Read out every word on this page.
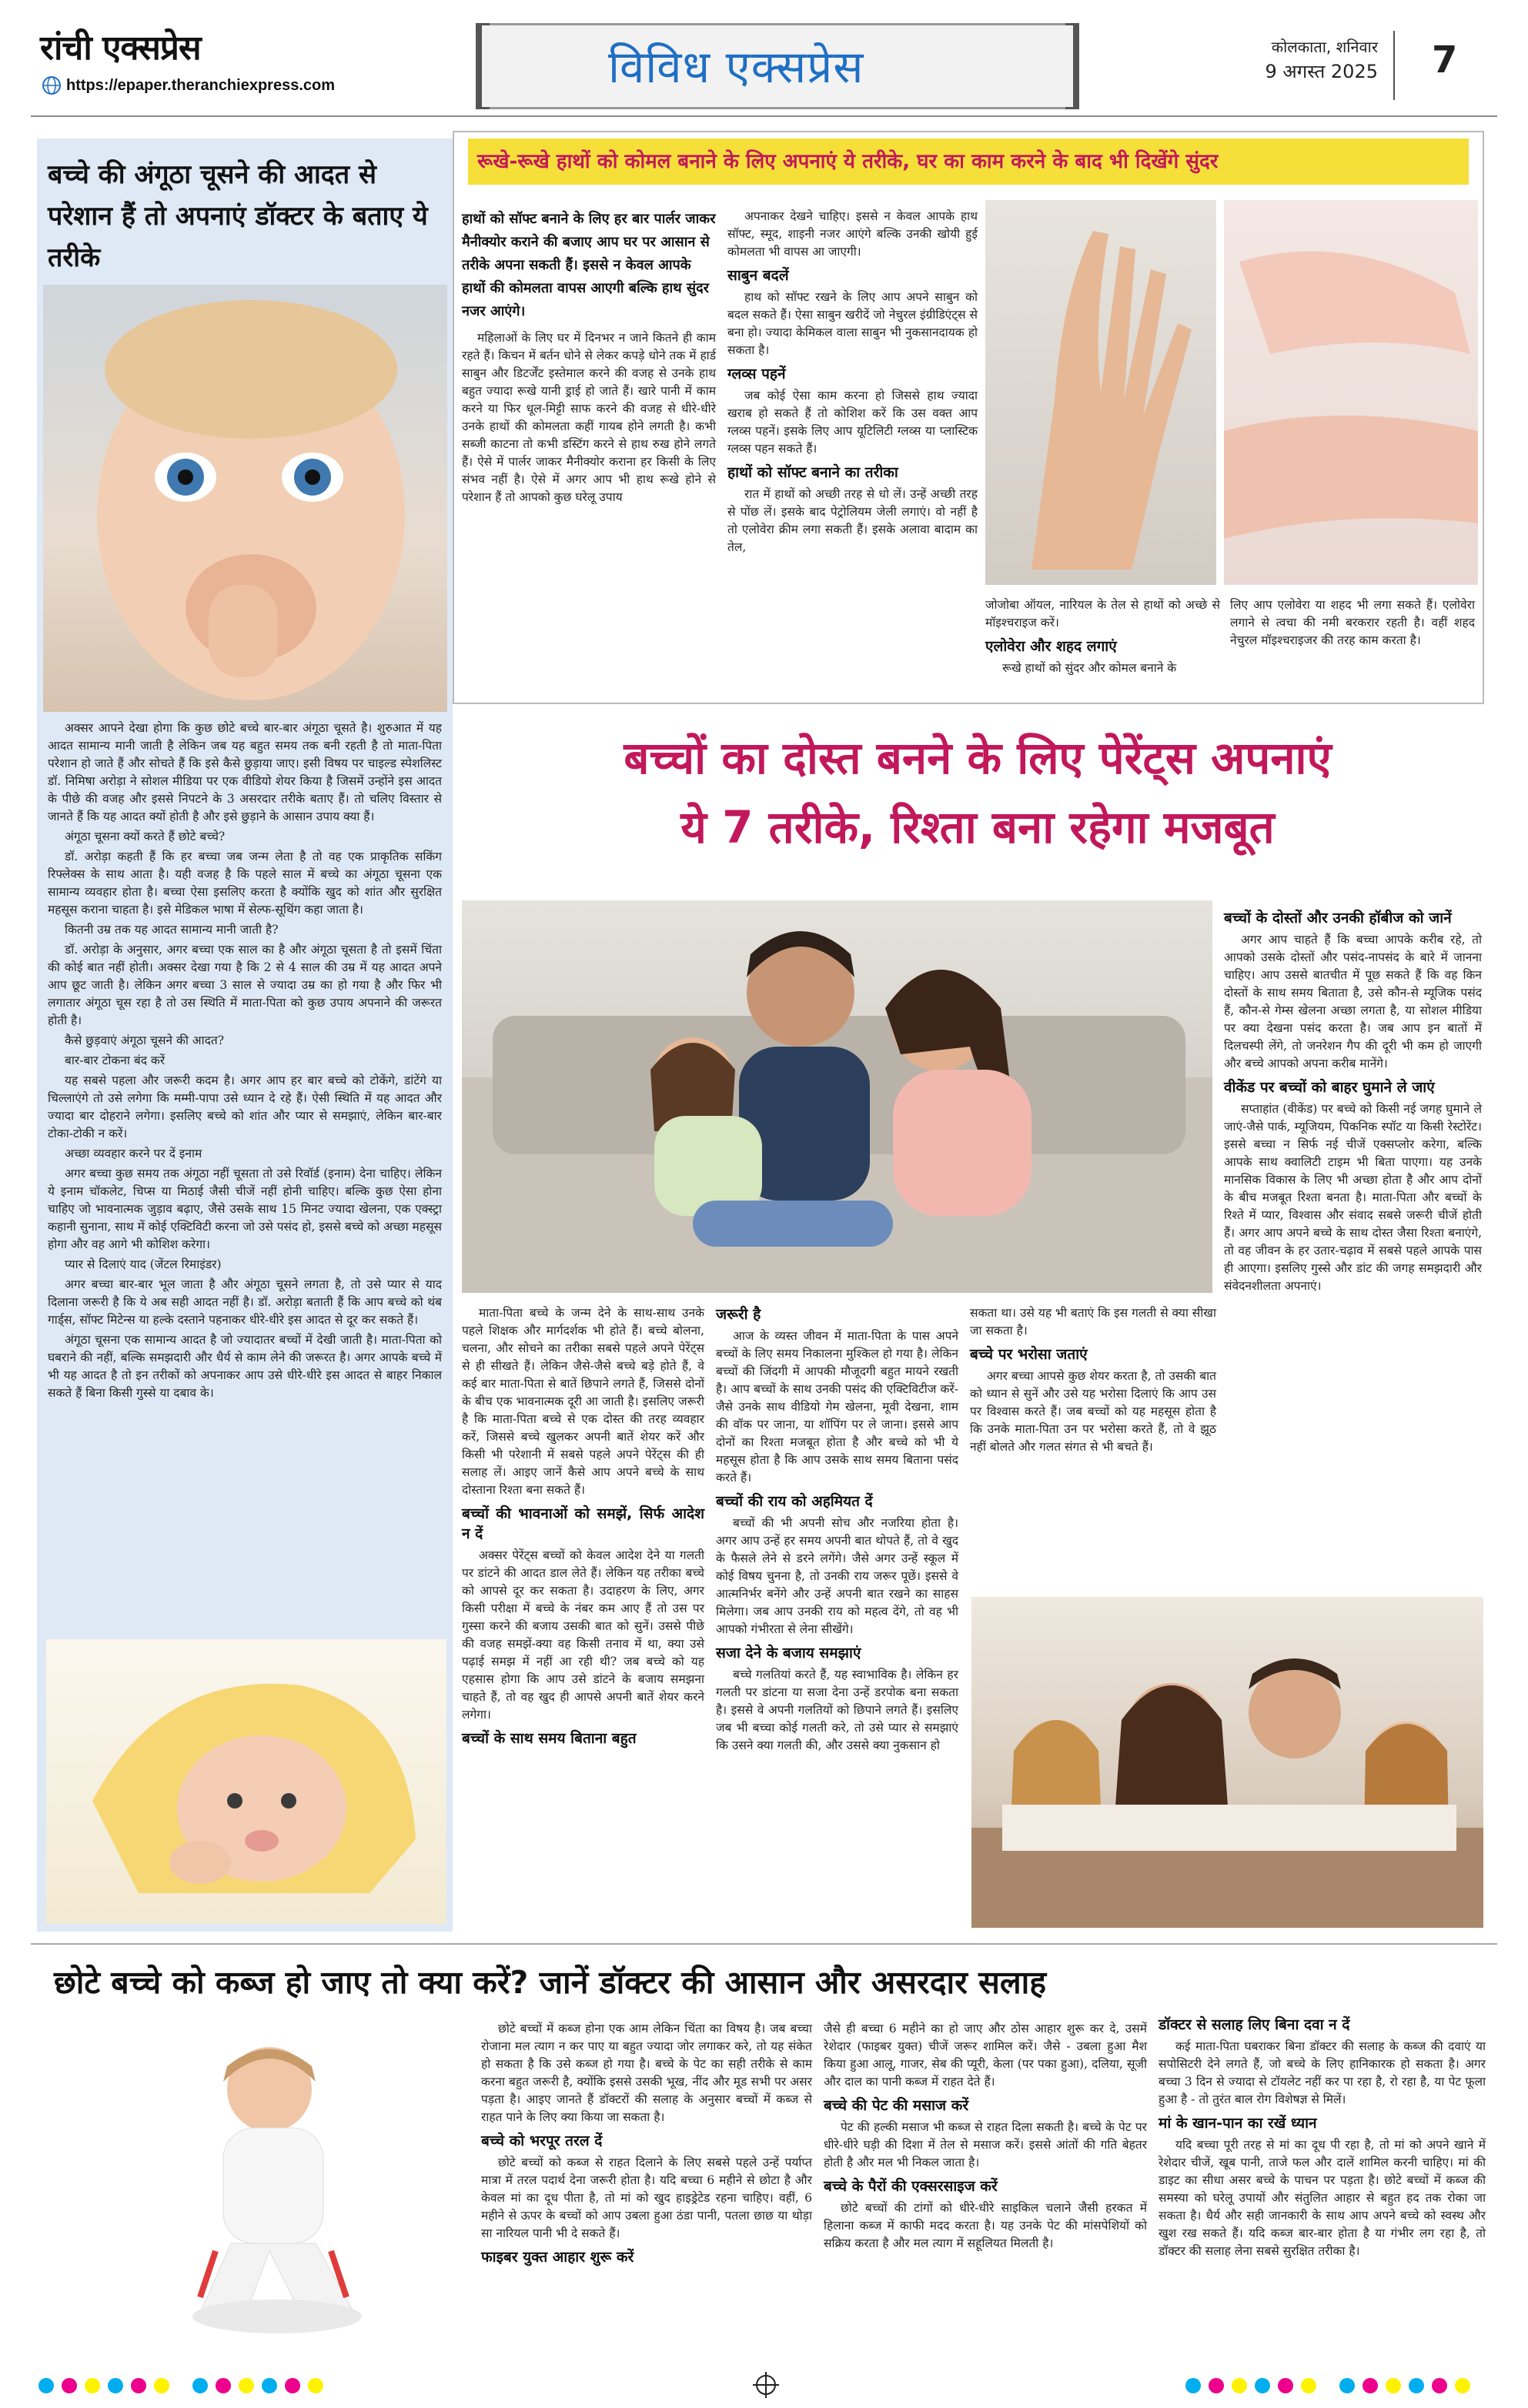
रांची एक्सप्रेस
https://epaper.theranchiexpress.com	विविध एक्सप्रेस	कोलकाता, शनिवार
9 अगस्त 2025 7
बच्चे की अंगूठा चूसने की आदत से परेशान हैं तो अपनाएं डॉक्टर के बताए ये तरीके

अक्सर आपने देखा होगा कि कुछ छोटे बच्चे बार-बार अंगूठा चूसते है। शुरुआत में यह आदत सामान्य मानी जाती है लेकिन जब यह बहुत समय तक बनी रहती है तो माता-पिता परेशान हो जाते हैं और सोचते हैं कि इसे कैसे छुड़ाया जाए। इसी विषय पर चाइल्ड स्पेशलिस्ट डॉ. निमिषा अरोड़ा ने सोशल मीडिया पर एक वीडियो शेयर किया है जिसमें उन्होंने इस आदत के पीछे की वजह और इससे निपटने के 3 असरदार तरीके बताए हैं। तो चलिए विस्तार से जानते हैं कि यह आदत क्यों होती है और इसे छुड़ाने के आसान उपाय क्या हैं।

अंगूठा चूसना क्यों करते हैं छोटे बच्चे?

डॉ. अरोड़ा कहती हैं कि हर बच्चा जब जन्म लेता है तो वह एक प्राकृतिक सकिंग रिफ्लेक्स के साथ आता है। यही वजह है कि पहले साल में बच्चे का अंगूठा चूसना एक सामान्य व्यवहार होता है। बच्चा ऐसा इसलिए करता है क्योंकि खुद को शांत और सुरक्षित महसूस कराना चाहता है। इसे मेडिकल भाषा में सेल्फ-सूथिंग कहा जाता है।

कितनी उम्र तक यह आदत सामान्य मानी जाती है?

डॉ. अरोड़ा के अनुसार, अगर बच्चा एक साल का है और अंगूठा चूसता है तो इसमें चिंता की कोई बात नहीं होती। अक्सर देखा गया है कि 2 से 4 साल की उम्र में यह आदत अपने आप छूट जाती है। लेकिन अगर बच्चा 3 साल से ज्यादा उम्र का हो गया है और फिर भी लगातार अंगूठा चूस रहा है तो उस स्थिति में माता-पिता को कुछ उपाय अपनाने की जरूरत होती है।

कैसे छुड़वाएं अंगूठा चूसने की आदत?

बार-बार टोकना बंद करें

यह सबसे पहला और जरूरी कदम है। अगर आप हर बार बच्चे को टोकेंगे, डांटेंगे या चिल्लाएंगे तो उसे लगेगा कि मम्मी-पापा उसे ध्यान दे रहे हैं। ऐसी स्थिति में यह आदत और ज्यादा बार दोहराने लगेगा। इसलिए बच्चे को शांत और प्यार से समझाएं, लेकिन बार-बार टोका-टोकी न करें।

अच्छा व्यवहार करने पर दें इनाम

अगर बच्चा कुछ समय तक अंगूठा नहीं चूसता तो उसे रिवॉर्ड (इनाम) देना चाहिए। लेकिन ये इनाम चॉकलेट, चिप्स या मिठाई जैसी चीजें नहीं होनी चाहिए। बल्कि कुछ ऐसा होना चाहिए जो भावनात्मक जुड़ाव बढ़ाए, जैसे उसके साथ 15 मिनट ज्यादा खेलना, एक एक्स्ट्रा कहानी सुनाना, साथ में कोई एक्टिविटी करना जो उसे पसंद हो, इससे बच्चे को अच्छा महसूस होगा और वह आगे भी कोशिश करेगा।

प्यार से दिलाएं याद (जेंटल रिमाइंडर)

अगर बच्चा बार-बार भूल जाता है और अंगूठा चूसने लगता है, तो उसे प्यार से याद दिलाना जरूरी है कि ये अब सही आदत नहीं है। डॉ. अरोड़ा बताती हैं कि आप बच्चे को थंब गार्ड्स, सॉफ्ट मिटेन्स या हल्के दस्ताने पहनाकर धीरे-धीरे इस आदत से दूर कर सकते हैं।

अंगूठा चूसना एक सामान्य आदत है जो ज्यादातर बच्चों में देखी जाती है। माता-पिता को घबराने की नहीं, बल्कि समझदारी और धैर्य से काम लेने की जरूरत है। अगर आपके बच्चे में भी यह आदत है तो इन तरीकों को अपनाकर आप उसे धीरे-धीरे इस आदत से बाहर निकाल सकते हैं बिना किसी गुस्से या दबाव के।

रूखे-रूखे हाथों को कोमल बनाने के लिए अपनाएं ये तरीके, घर का काम करने के बाद भी दिखेंगे सुंदर
हाथों को सॉफ्ट बनाने के लिए हर बार पार्लर जाकर मैनीक्योर कराने की बजाए आप घर पर आसान से तरीके अपना सकती हैं। इससे न केवल आपके हाथों की कोमलता वापस आएगी बल्कि हाथ सुंदर नजर आएंगे।
महिलाओं के लिए घर में दिनभर न जाने कितने ही काम रहते हैं। किचन में बर्तन धोने से लेकर कपड़े धोने तक में हार्ड साबुन और डिटर्जेंट इस्तेमाल करने की वजह से उनके हाथ बहुत ज्यादा रूखे यानी ड्राई हो जाते हैं। खारे पानी में काम करने या फिर धूल-मिट्टी साफ करने की वजह से धीरे-धीरे उनके हाथों की कोमलता कहीं गायब होने लगती है। कभी सब्जी काटना तो कभी डस्टिंग करने से हाथ रुख होने लगते हैं। ऐसे में पार्लर जाकर मैनीक्योर कराना हर किसी के लिए संभव नहीं है। ऐसे में अगर आप भी हाथ रूखे होने से परेशान हैं तो आपको कुछ घरेलू उपाय

अपनाकर देखने चाहिए। इससे न केवल आपके हाथ सॉफ्ट, स्मूद, शाइनी नजर आएंगे बल्कि उनकी खोयी हुई कोमलता भी वापस आ जाएगी।

साबुन बदलें

हाथ को सॉफ्ट रखने के लिए आप अपने साबुन को बदल सकते हैं। ऐसा साबुन खरीदें जो नेचुरल इंग्रीडिएंट्स से बना हो। ज्यादा केमिकल वाला साबुन भी नुकसानदायक हो सकता है।

ग्लव्स पहनें

जब कोई ऐसा काम करना हो जिससे हाथ ज्यादा खराब हो सकते हैं तो कोशिश करें कि उस वक्त आप ग्लव्स पहनें। इसके लिए आप यूटिलिटी ग्लव्स या प्लास्टिक ग्लव्स पहन सकते हैं।

हाथों को सॉफ्ट बनाने का तरीका

रात में हाथों को अच्छी तरह से धो लें। उन्हें अच्छी तरह से पोंछ लें। इसके बाद पेट्रोलियम जेली लगाएं। वो नहीं है तो एलोवेरा क्रीम लगा सकती हैं। इसके अलावा बादाम का तेल,

जोजोबा ऑयल, नारियल के तेल से हाथों को अच्छे से मॉइश्चराइज करें।

एलोवेरा और शहद लगाएं

रूखे हाथों को सुंदर और कोमल बनाने के

लिए आप एलोवेरा या शहद भी लगा सकते हैं। एलोवेरा लगाने से त्वचा की नमी बरकरार रहती है। वहीं शहद नेचुरल मॉइश्चराइजर की तरह काम करता है।
बच्चों का दोस्त बनने के लिए पेरेंट्स अपनाएं
ये 7 तरीके, रिश्ता बना रहेगा मजबूत
बच्चों के दोस्तों और उनकी हॉबीज को जानें

अगर आप चाहते हैं कि बच्चा आपके करीब रहे, तो आपको उसके दोस्तों और पसंद-नापसंद के बारे में जानना चाहिए। आप उससे बातचीत में पूछ सकते हैं कि वह किन दोस्तों के साथ समय बिताता है, उसे कौन-से म्यूजिक पसंद हैं, कौन-से गेम्स खेलना अच्छा लगता है, या सोशल मीडिया पर क्या देखना पसंद करता है। जब आप इन बातों में दिलचस्पी लेंगे, तो जनरेशन गैप की दूरी भी कम हो जाएगी और बच्चे आपको अपना करीब मानेंगे।

वीकेंड पर बच्चों को बाहर घुमाने ले जाएं

सप्ताहांत (वीकेंड) पर बच्चे को किसी नई जगह घुमाने ले जाएं-जैसे पार्क, म्यूजियम, पिकनिक स्पॉट या किसी रेस्टोरेंट। इससे बच्चा न सिर्फ नई चीजें एक्सप्लोर करेगा, बल्कि आपके साथ क्वालिटी टाइम भी बिता पाएगा। यह उनके मानसिक विकास के लिए भी अच्छा होता है और आप दोनों के बीच मजबूत रिश्ता बनता है। माता-पिता और बच्चों के रिश्ते में प्यार, विश्वास और संवाद सबसे जरूरी चीजें होती हैं। अगर आप अपने बच्चे के साथ दोस्त जैसा रिश्ता बनाएंगे, तो वह जीवन के हर उतार-चढ़ाव में सबसे पहले आपके पास ही आएगा। इसलिए गुस्से और डांट की जगह समझदारी और संवेदनशीलता अपनाएं।

माता-पिता बच्चे के जन्म देने के साथ-साथ उनके पहले शिक्षक और मार्गदर्शक भी होते हैं। बच्चे बोलना, चलना, और सोचने का तरीका सबसे पहले अपने पेरेंट्स से ही सीखते हैं। लेकिन जैसे-जैसे बच्चे बड़े होते हैं, वे कई बार माता-पिता से बातें छिपाने लगते हैं, जिससे दोनों के बीच एक भावनात्मक दूरी आ जाती है। इसलिए जरूरी है कि माता-पिता बच्चे से एक दोस्त की तरह व्यवहार करें, जिससे बच्चे खुलकर अपनी बातें शेयर करें और किसी भी परेशानी में सबसे पहले अपने पेरेंट्स की ही सलाह लें। आइए जानें कैसे आप अपने बच्चे के साथ दोस्ताना रिश्ता बना सकते हैं।

बच्चों की भावनाओं को समझें, सिर्फ आदेश न दें

अक्सर पेरेंट्स बच्चों को केवल आदेश देने या गलती पर डांटने की आदत डाल लेते हैं। लेकिन यह तरीका बच्चे को आपसे दूर कर सकता है। उदाहरण के लिए, अगर किसी परीक्षा में बच्चे के नंबर कम आए हैं तो उस पर गुस्सा करने की बजाय उसकी बात को सुनें। उससे पीछे की वजह समझें-क्या वह किसी तनाव में था, क्या उसे पढ़ाई समझ में नहीं आ रही थी? जब बच्चे को यह एहसास होगा कि आप उसे डांटने के बजाय समझना चाहते हैं, तो वह खुद ही आपसे अपनी बातें शेयर करने लगेगा।

बच्चों के साथ समय बिताना बहुत
जरूरी है

आज के व्यस्त जीवन में माता-पिता के पास अपने बच्चों के लिए समय निकालना मुश्किल हो गया है। लेकिन बच्चों की जिंदगी में आपकी मौजूदगी बहुत मायने रखती है। आप बच्चों के साथ उनकी पसंद की एक्टिविटीज करें-जैसे उनके साथ वीडियो गेम खेलना, मूवी देखना, शाम की वॉक पर जाना, या शॉपिंग पर ले जाना। इससे आप दोनों का रिश्ता मजबूत होता है और बच्चे को भी ये महसूस होता है कि आप उसके साथ समय बिताना पसंद करते हैं।

बच्चों की राय को अहमियत दें

बच्चों की भी अपनी सोच और नजरिया होता है। अगर आप उन्हें हर समय अपनी बात थोपते हैं, तो वे खुद के फैसले लेने से डरने लगेंगे। जैसे अगर उन्हें स्कूल में कोई विषय चुनना है, तो उनकी राय जरूर पूछें। इससे वे आत्मनिर्भर बनेंगे और उन्हें अपनी बात रखने का साहस मिलेगा। जब आप उनकी राय को महत्व देंगे, तो वह भी आपको गंभीरता से लेना सीखेंगे।

सजा देने के बजाय समझाएं

बच्चे गलतियां करते हैं, यह स्वाभाविक है। लेकिन हर गलती पर डांटना या सजा देना उन्हें डरपोक बना सकता है। इससे वे अपनी गलतियों को छिपाने लगते हैं। इसलिए जब भी बच्चा कोई गलती करे, तो उसे प्यार से समझाएं कि उसने क्या गलती की, और उससे क्या नुकसान हो

सकता था। उसे यह भी बताएं कि इस गलती से क्या सीखा जा सकता है।

बच्चे पर भरोसा जताएं

अगर बच्चा आपसे कुछ शेयर करता है, तो उसकी बात को ध्यान से सुनें और उसे यह भरोसा दिलाएं कि आप उस पर विश्वास करते हैं। जब बच्चों को यह महसूस होता है कि उनके माता-पिता उन पर भरोसा करते हैं, तो वे झूठ नहीं बोलते और गलत संगत से भी बचते हैं।

छोटे बच्चे को कब्ज हो जाए तो क्या करें? जानें डॉक्टर की आसान और असरदार सलाह

छोटे बच्चों में कब्ज होना एक आम लेकिन चिंता का विषय है। जब बच्चा रोजाना मल त्याग न कर पाए या बहुत ज्यादा जोर लगाकर करे, तो यह संकेत हो सकता है कि उसे कब्ज हो गया है। बच्चे के पेट का सही तरीके से काम करना बहुत जरूरी है, क्योंकि इससे उसकी भूख, नींद और मूड सभी पर असर पड़ता है। आइए जानते हैं डॉक्टरों की सलाह के अनुसार बच्चों में कब्ज से राहत पाने के लिए क्या किया जा सकता है।

बच्चे को भरपूर तरल दें

छोटे बच्चों को कब्ज से राहत दिलाने के लिए सबसे पहले उन्हें पर्याप्त मात्रा में तरल पदार्थ देना जरूरी होता है। यदि बच्चा 6 महीने से छोटा है और केवल मां का दूध पीता है, तो मां को खुद हाइड्रेटेड रहना चाहिए। वहीं, 6 महीने से ऊपर के बच्चों को आप उबला हुआ ठंडा पानी, पतला छाछ या थोड़ा सा नारियल पानी भी दे सकते हैं।

फाइबर युक्त आहार शुरू करें

जैसे ही बच्चा 6 महीने का हो जाए और ठोस आहार शुरू कर दे, उसमें रेशेदार (फाइबर युक्त) चीजें जरूर शामिल करें। जैसे - उबला हुआ मैश किया हुआ आलू, गाजर, सेब की प्यूरी, केला (पर पका हुआ), दलिया, सूजी और दाल का पानी कब्ज में राहत देते हैं।

बच्चे की पेट की मसाज करें

पेट की हल्की मसाज भी कब्ज से राहत दिला सकती है। बच्चे के पेट पर धीरे-धीरे घड़ी की दिशा में तेल से मसाज करें। इससे आंतों की गति बेहतर होती है और मल भी निकल जाता है।

बच्चे के पैरों की एक्सरसाइज करें

छोटे बच्चों की टांगों को धीरे-धीरे साइकिल चलाने जैसी हरकत में हिलाना कब्ज में काफी मदद करता है। यह उनके पेट की मांसपेशियों को सक्रिय करता है और मल त्याग में सहूलियत मिलती है।

डॉक्टर से सलाह लिए बिना दवा न दें

कई माता-पिता घबराकर बिना डॉक्टर की सलाह के कब्ज की दवाएं या सपोसिटरी देने लगते हैं, जो बच्चे के लिए हानिकारक हो सकता है। अगर बच्चा 3 दिन से ज्यादा से टॉयलेट नहीं कर पा रहा है, रो रहा है, या पेट फूला हुआ है - तो तुरंत बाल रोग विशेषज्ञ से मिलें।

मां के खान-पान का रखें ध्यान

यदि बच्चा पूरी तरह से मां का दूध पी रहा है, तो मां को अपने खाने में रेशेदार चीजें, खूब पानी, ताजे फल और दालें शामिल करनी चाहिए। मां की डाइट का सीधा असर बच्चे के पाचन पर पड़ता है। छोटे बच्चों में कब्ज की समस्या को घरेलू उपायों और संतुलित आहार से बहुत हद तक रोका जा सकता है। धैर्य और सही जानकारी के साथ आप अपने बच्चे को स्वस्थ और खुश रख सकते हैं। यदि कब्ज बार-बार होता है या गंभीर लग रहा है, तो डॉक्टर की सलाह लेना सबसे सुरक्षित तरीका है।
